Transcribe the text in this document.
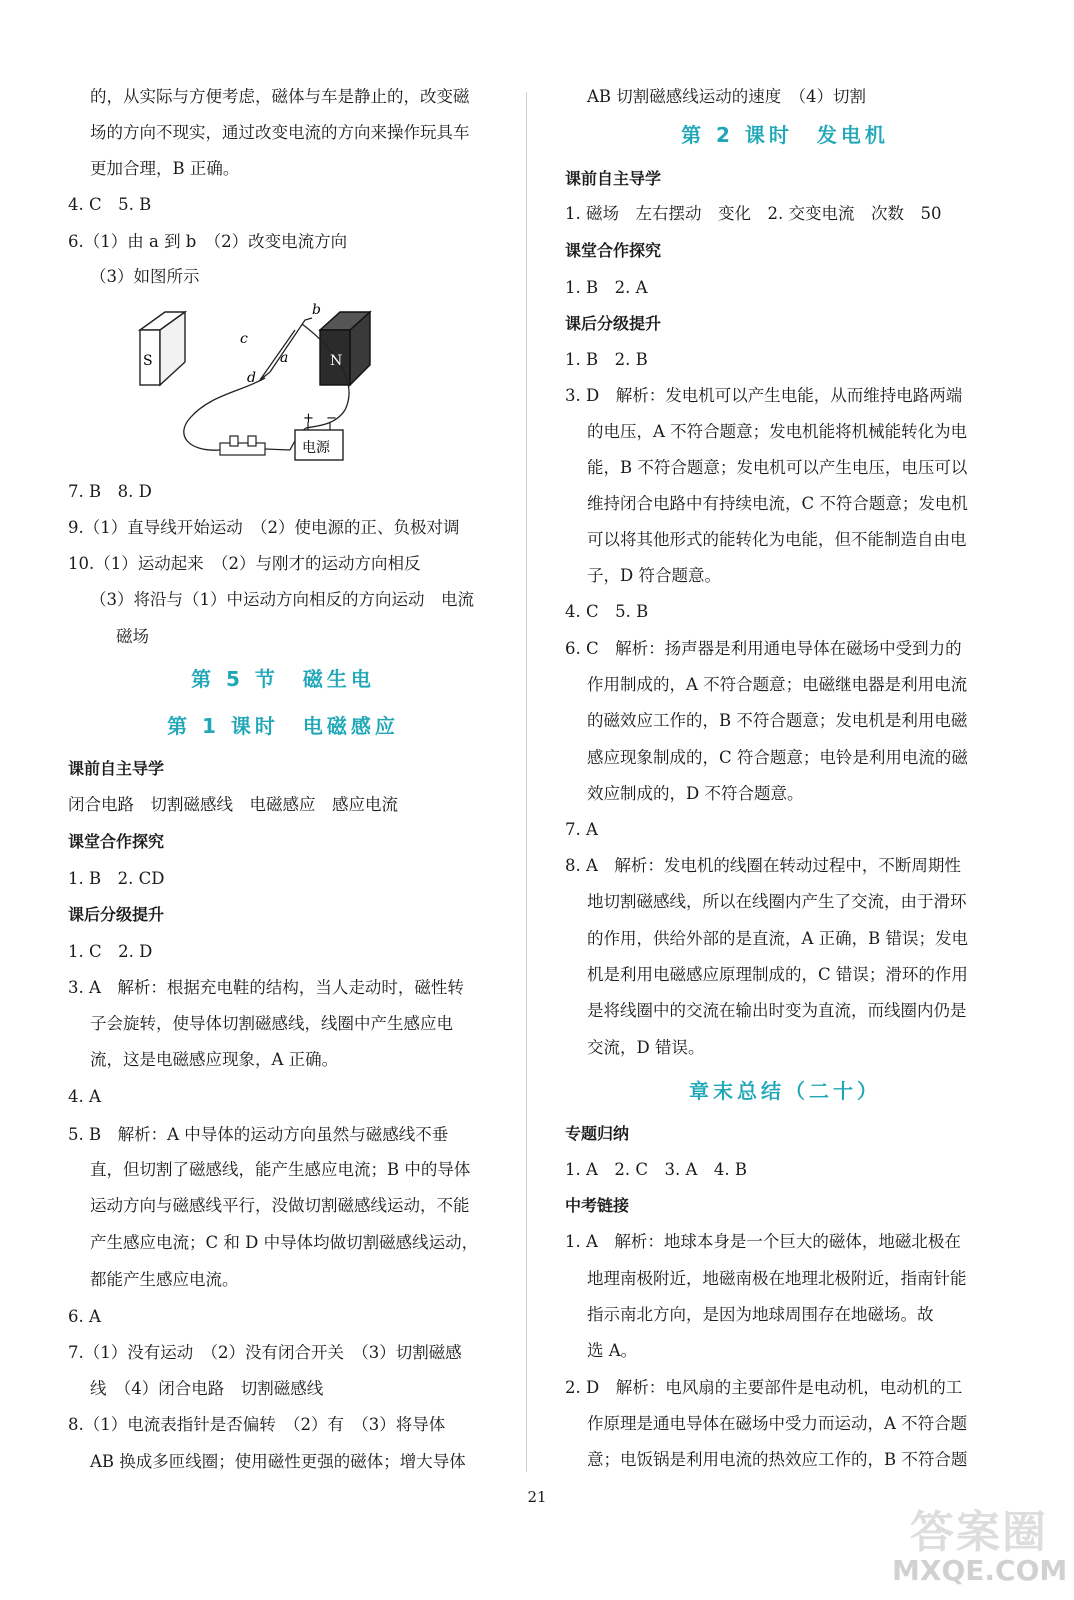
的，从实际与方便考虑，磁体与车是静止的，改变磁
场的方向不现实，通过改变电流的方向来操作玩具车
更加合理，B 正确。
4. C　5. B
6.（1）由 a 到 b　（2）改变电流方向
（3）如图所示
7. B　8. D
9.（1）直导线开始运动　（2）使电源的正、负极对调
10.（1）运动起来　（2）与刚才的运动方向相反
（3）将沿与（1）中运动方向相反的方向运动　电流
磁场
第 5 节　磁生电
第 1 课时　电磁感应
课前自主导学
闭合电路　切割磁感线　电磁感应　感应电流
课堂合作探究
1. B　2. CD
课后分级提升
1. C　2. D
3. A　解析：根据充电鞋的结构，当人走动时，磁性转
子会旋转，使导体切割磁感线，线圈中产生感应电
流，这是电磁感应现象，A 正确。
4. A
5. B　解析：A 中导体的运动方向虽然与磁感线不垂
直，但切割了磁感线，能产生感应电流；B 中的导体
运动方向与磁感线平行，没做切割磁感线运动，不能
产生感应电流；C 和 D 中导体均做切割磁感线运动，
都能产生感应电流。
6. A
7.（1）没有运动　（2）没有闭合开关　（3）切割磁感
线　（4）闭合电路　切割磁感线
8.（1）电流表指针是否偏转　（2）有　（3）将导体
AB 换成多匝线圈；使用磁性更强的磁体；增大导体
S	N
a
b
c
d
+ −
电源
AB 切割磁感线运动的速度　（4）切割
第 2 课时　发电机
课前自主导学
1. 磁场　左右摆动　变化　2. 交变电流　次数　50
课堂合作探究
1. B　2. A
课后分级提升
1. B　2. B
3. D　解析：发电机可以产生电能，从而维持电路两端
的电压，A 不符合题意；发电机能将机械能转化为电
能，B 不符合题意；发电机可以产生电压，电压可以
维持闭合电路中有持续电流，C 不符合题意；发电机
可以将其他形式的能转化为电能，但不能制造自由电
子，D 符合题意。
4. C　5. B
6. C　解析：扬声器是利用通电导体在磁场中受到力的
作用制成的，A 不符合题意；电磁继电器是利用电流
的磁效应工作的，B 不符合题意；发电机是利用电磁
感应现象制成的，C 符合题意；电铃是利用电流的磁
效应制成的，D 不符合题意。
7. A
8. A　解析：发电机的线圈在转动过程中，不断周期性
地切割磁感线，所以在线圈内产生了交流，由于滑环
的作用，供给外部的是直流，A 正确，B 错误；发电
机是利用电磁感应原理制成的，C 错误；滑环的作用
是将线圈中的交流在输出时变为直流，而线圈内仍是
交流，D 错误。
章末总结（二十）
专题归纳
1. A　2. C　3. A　4. B
中考链接
1. A　解析：地球本身是一个巨大的磁体，地磁北极在
地理南极附近，地磁南极在地理北极附近，指南针能
指示南北方向，是因为地球周围存在地磁场。故
选 A。
2. D　解析：电风扇的主要部件是电动机，电动机的工
作原理是通电导体在磁场中受力而运动，A 不符合题
意；电饭锅是利用电流的热效应工作的，B 不符合题
21
答案圈
MXQE.COM
